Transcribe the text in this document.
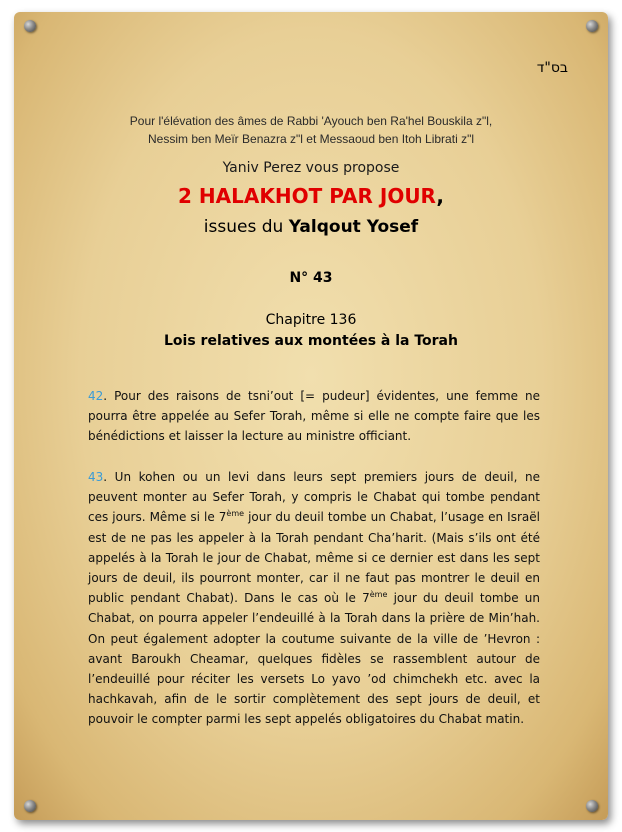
בס"ד
Pour l'élévation des âmes de Rabbi 'Ayouch ben Ra'hel Bouskila z"l,
Nessim ben Meïr Benazra z"l et Messaoud ben Itoh Librati z"l
Yaniv Perez vous propose
2 HALAKHOT PAR JOUR,
issues du Yalqout Yosef
N° 43
Chapitre 136
Lois relatives aux montées à la Torah
42. Pour des raisons de tsni’out [= pudeur] évidentes, une femme ne pourra être appelée au Sefer Torah, même si elle ne compte faire que les bénédictions et laisser la lecture au ministre officiant.
43. Un kohen ou un levi dans leurs sept premiers jours de deuil, ne peuvent monter au Sefer Torah, y compris le Chabat qui tombe pendant ces jours. Même si le 7ème jour du deuil tombe un Chabat, l’usage en Israël est de ne pas les appeler à la Torah pendant Cha’harit. (Mais s’ils ont été appelés à la Torah le jour de Chabat, même si ce dernier est dans les sept jours de deuil, ils pourront monter, car il ne faut pas montrer le deuil en public pendant Chabat). Dans le cas où le 7ème jour du deuil tombe un Chabat, on pourra appeler l’endeuillé à la Torah dans la prière de Min’hah. On peut également adopter la coutume suivante de la ville de ’Hevron : avant Baroukh Cheamar, quelques fidèles se rassemblent autour de l’endeuillé pour réciter les versets Lo yavo ’od chimchekh etc. avec la hachkavah, afin de le sortir complètement des sept jours de deuil, et pouvoir le compter parmi les sept appelés obligatoires du Chabat matin.
